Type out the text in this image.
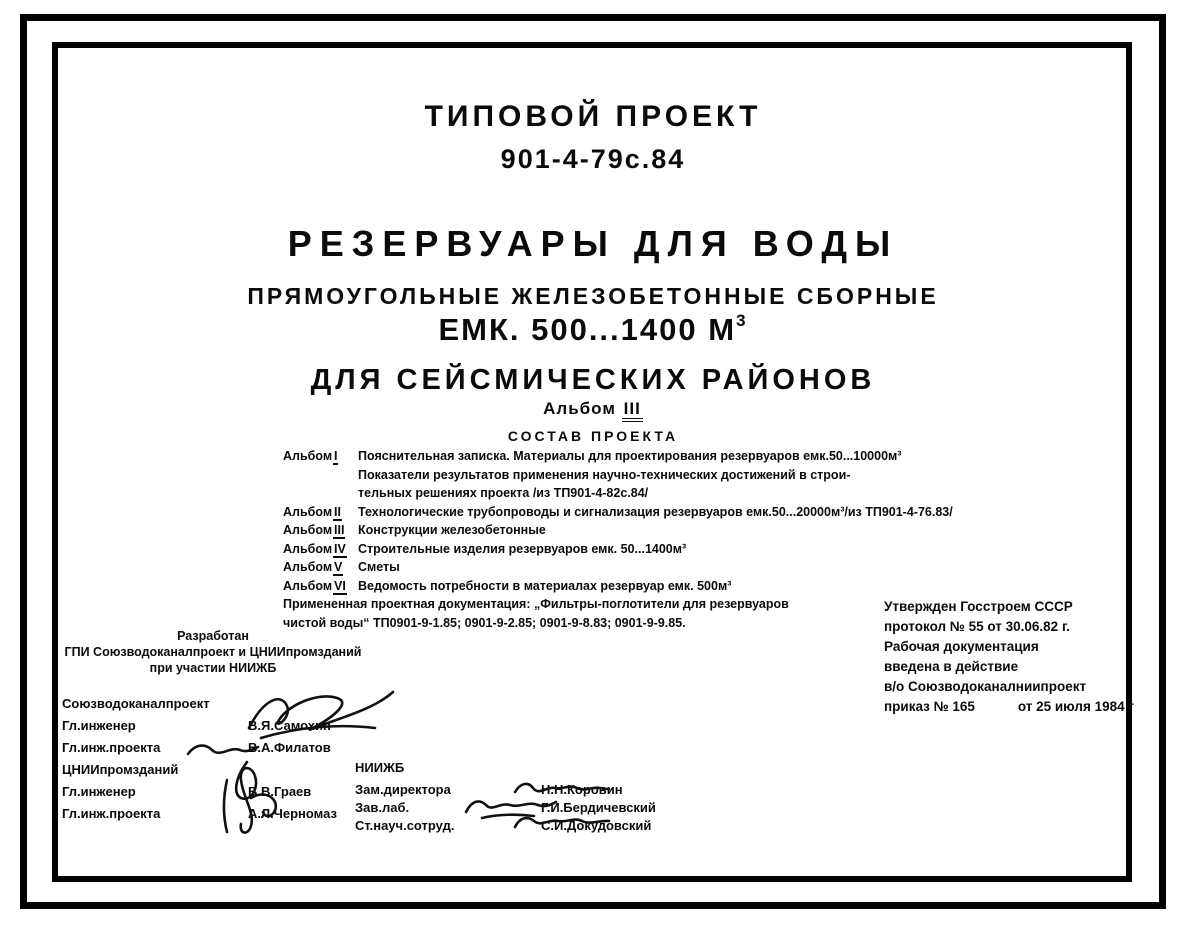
ТИПОВОЙ ПРОЕКТ
901-4-79с.84
РЕЗЕРВУАРЫ ДЛЯ ВОДЫ
ПРЯМОУГОЛЬНЫЕ ЖЕЛЕЗОБЕТОННЫЕ СБОРНЫЕ
ЕМК. 500...1400 $М^3$
ДЛЯ СЕЙСМИЧЕСКИХ РАЙОНОВ
Альбом III
СОСТАВ ПРОЕКТА
Альбом I	Пояснительная записка. Материалы для проектирования резервуаров емк.50...10000м³
Показатели результатов применения научно-технических достижений в строи-
тельных решениях проекта /из ТП901-4-82с.84/
Альбом II	Технологические трубопроводы и сигнализация резервуаров емк.50...20000м³/из ТП901-4-76.83/
Альбом III	Конструкции железобетонные
Альбом IV Строительные изделия резервуаров емк. 50...1400м³
Альбом V	Сметы
Альбом VI Ведомость потребности в материалах резервуар емк. 500м³
Примененная проектная документация: „Фильтры-поглотители для резервуаров
чистой воды“ ТП0901-9-1.85; 0901-9-2.85; 0901-9-8.83; 0901-9-9.85.
Утвержден Госстроем СССР
протокол № 55 от 30.06.82 г.
Рабочая документация
введена в действие
в/о Союзводоканалниипроект
приказ № 165	от 25 июля 1984 г
Разработан
ГПИ Союзводоканалпроект и ЦНИИпромзданий
при участии НИИЖБ
Союзводоканалпроект
Гл.инженер	В.Я.Самохин
Гл.инж.проекта	В.А.Филатов
ЦНИИпромзданий
Гл.инженер	В.В.Граев
Гл.инж.проекта	А.Л.Черномаз
НИИЖБ
Зам.директора	Н.Н.Коровин
Зав.лаб.	Г.И.Бердичевский
Ст.науч.сотруд.	С.И.Докудовский
